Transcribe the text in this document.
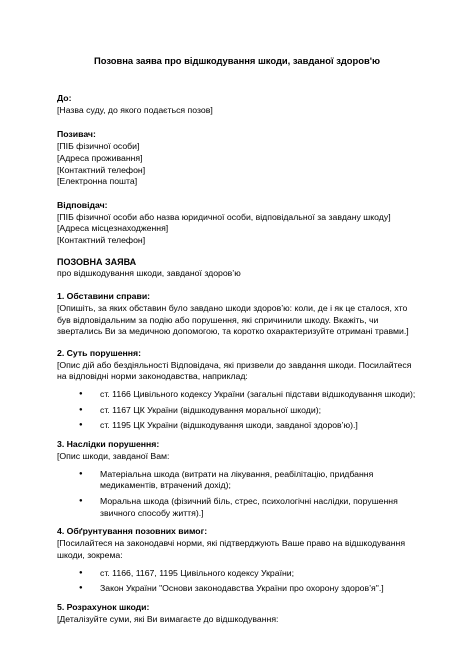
Позовна заява про відшкодування шкоди, завданої здоров'ю

До:

[Назва суду, до якого подається позов]

Позивач:

[ПІБ фізичної особи]

[Адреса проживання]

[Контактний телефон]

[Електронна пошта]

Відповідач:

[ПІБ фізичної особи або назва юридичної особи, відповідальної за завдану шкоду]

[Адреса місцезнаходження]

[Контактний телефон]

ПОЗОВНА ЗАЯВА

про відшкодування шкоди, завданої здоров’ю

1. Обставини справи:

[Опишіть, за яких обставин було завдано шкоди здоров’ю: коли, де і як це сталося, хто був відповідальним за подію або порушення, які спричинили шкоду. Вкажіть, чи звертались Ви за медичною допомогою, та коротко охарактеризуйте отримані травми.]

2. Суть порушення:

[Опис дій або бездіяльності Відповідача, які призвели до завдання шкоди. Посилайтеся на відповідні норми законодавства, наприклад:

● ст. 1166 Цивільного кодексу України (загальні підстави відшкодування шкоди);
● ст. 1167 ЦК України (відшкодування моральної шкоди);
● ст. 1195 ЦК України (відшкодування шкоди, завданої здоров’ю).]

3. Наслідки порушення:

[Опис шкоди, завданої Вам:

● Матеріальна шкода (витрати на лікування, реабілітацію, придбання медикаментів, втрачений дохід);
● Моральна шкода (фізичний біль, стрес, психологічні наслідки, порушення звичного способу життя).]

4. Обґрунтування позовних вимог:

[Посилайтеся на законодавчі норми, які підтверджують Ваше право на відшкодування шкоди, зокрема:

● ст. 1166, 1167, 1195 Цивільного кодексу України;
● Закон України "Основи законодавства України про охорону здоров’я".]

5. Розрахунок шкоди:

[Деталізуйте суми, які Ви вимагаєте до відшкодування:
